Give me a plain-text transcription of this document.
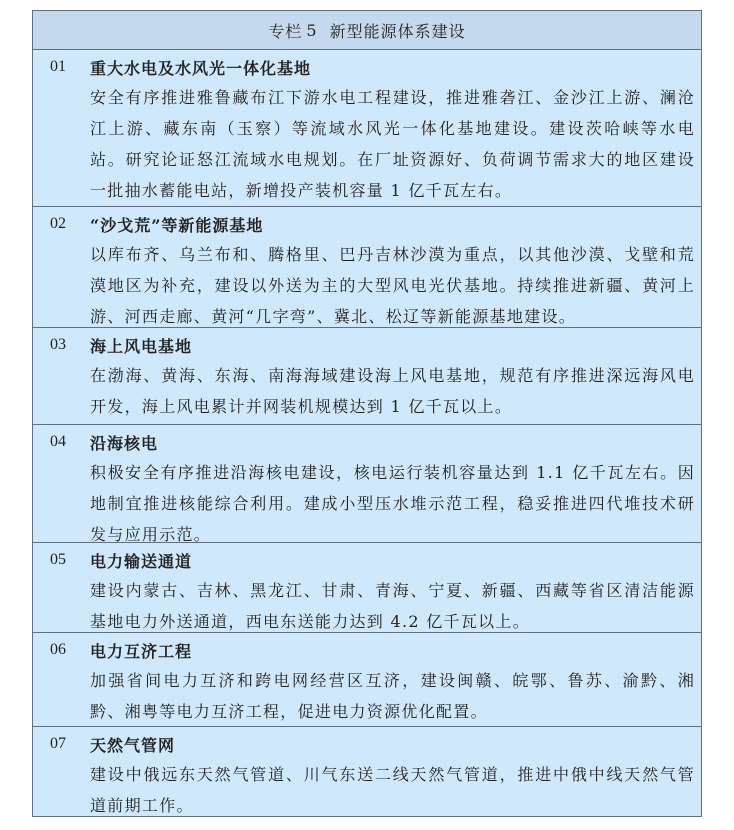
专栏 5 新型能源体系建设
01 重大水电及水风光一体化基地
安全有序推进雅鲁藏布江下游水电工程建设，推进雅砻江、金沙江上游、澜沧江上游、藏东南（玉察）等流域水风光一体化基地建设。建设茨哈峡等水电站。研究论证怒江流域水电规划。在厂址资源好、负荷调节需求大的地区建设一批抽水蓄能电站，新增投产装机容量 1 亿千瓦左右。
02 “沙戈荒”等新能源基地
以库布齐、乌兰布和、腾格里、巴丹吉林沙漠为重点，以其他沙漠、戈壁和荒漠地区为补充，建设以外送为主的大型风电光伏基地。持续推进新疆、黄河上游、河西走廊、黄河“几字弯”、冀北、松辽等新能源基地建设。
03 海上风电基地
在渤海、黄海、东海、南海海域建设海上风电基地，规范有序推进深远海风电开发，海上风电累计并网装机规模达到 1 亿千瓦以上。
04 沿海核电
积极安全有序推进沿海核电建设，核电运行装机容量达到 1.1 亿千瓦左右。因地制宜推进核能综合利用。建成小型压水堆示范工程，稳妥推进四代堆技术研发与应用示范。
05 电力输送通道
建设内蒙古、吉林、黑龙江、甘肃、青海、宁夏、新疆、西藏等省区清洁能源基地电力外送通道，西电东送能力达到 4.2 亿千瓦以上。
06 电力互济工程
加强省间电力互济和跨电网经营区互济，建设闽赣、皖鄂、鲁苏、渝黔、湘黔、湘粤等电力互济工程，促进电力资源优化配置。
07 天然气管网
建设中俄远东天然气管道、川气东送二线天然气管道，推进中俄中线天然气管道前期工作。
